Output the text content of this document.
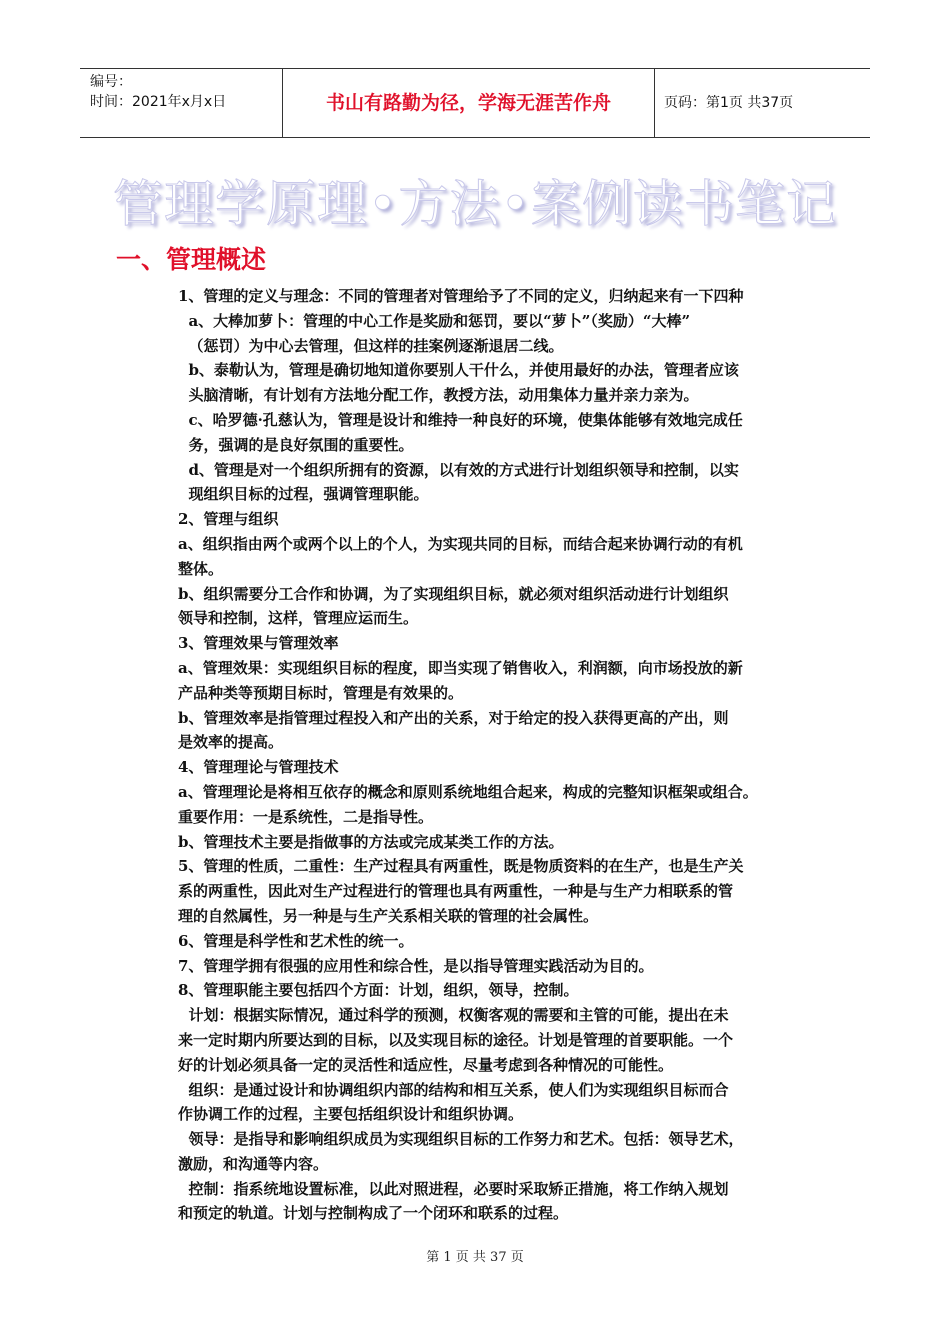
编号：
时间：2021年x月x日	书山有路勤为径，学海无涯苦作舟	页码：第1页 共37页
管理学原理•方法•案例读书笔记
一、管理概述

1、管理的定义与理念：不同的管理者对管理给予了不同的定义，归纳起来有一下四种

a、大棒加萝卜：管理的中心工作是奖励和惩罚，要以“萝卜”（奖励）“大棒”

（惩罚）为中心去管理，但这样的挂案例逐渐退居二线。

b、泰勒认为，管理是确切地知道你要别人干什么，并使用最好的办法，管理者应该

头脑清晰，有计划有方法地分配工作，教授方法，动用集体力量并亲力亲为。

c、哈罗德·孔慈认为，管理是设计和维持一种良好的环境，使集体能够有效地完成任

务，强调的是良好氛围的重要性。

d、管理是对一个组织所拥有的资源，以有效的方式进行计划组织领导和控制，以实

现组织目标的过程，强调管理职能。

2、管理与组织

a、组织指由两个或两个以上的个人，为实现共同的目标，而结合起来协调行动的有机

整体。

b、组织需要分工合作和协调，为了实现组织目标，就必须对组织活动进行计划组织

领导和控制，这样，管理应运而生。

3、管理效果与管理效率

a、管理效果：实现组织目标的程度，即当实现了销售收入，利润额，向市场投放的新

产品种类等预期目标时，管理是有效果的。

b、管理效率是指管理过程投入和产出的关系，对于给定的投入获得更高的产出，则

是效率的提高。

4、管理理论与管理技术

a、管理理论是将相互依存的概念和原则系统地组合起来，构成的完整知识框架或组合。

重要作用：一是系统性，二是指导性。

b、管理技术主要是指做事的方法或完成某类工作的方法。

5、管理的性质，二重性：生产过程具有两重性，既是物质资料的在生产，也是生产关

系的两重性，因此对生产过程进行的管理也具有两重性，一种是与生产力相联系的管

理的自然属性，另一种是与生产关系相关联的管理的社会属性。

6、管理是科学性和艺术性的统一。

7、管理学拥有很强的应用性和综合性，是以指导管理实践活动为目的。

8、管理职能主要包括四个方面：计划，组织，领导，控制。

计划：根据实际情况，通过科学的预测，权衡客观的需要和主管的可能，提出在未

来一定时期内所要达到的目标，以及实现目标的途径。计划是管理的首要职能。一个

好的计划必须具备一定的灵活性和适应性，尽量考虑到各种情况的可能性。

组织：是通过设计和协调组织内部的结构和相互关系，使人们为实现组织目标而合

作协调工作的过程，主要包括组织设计和组织协调。

领导：是指导和影响组织成员为实现组织目标的工作努力和艺术。包括：领导艺术，

激励，和沟通等内容。

控制：指系统地设置标准，以此对照进程，必要时采取矫正措施，将工作纳入规划

和预定的轨道。计划与控制构成了一个闭环和联系的过程。

第 1 页 共 37 页
